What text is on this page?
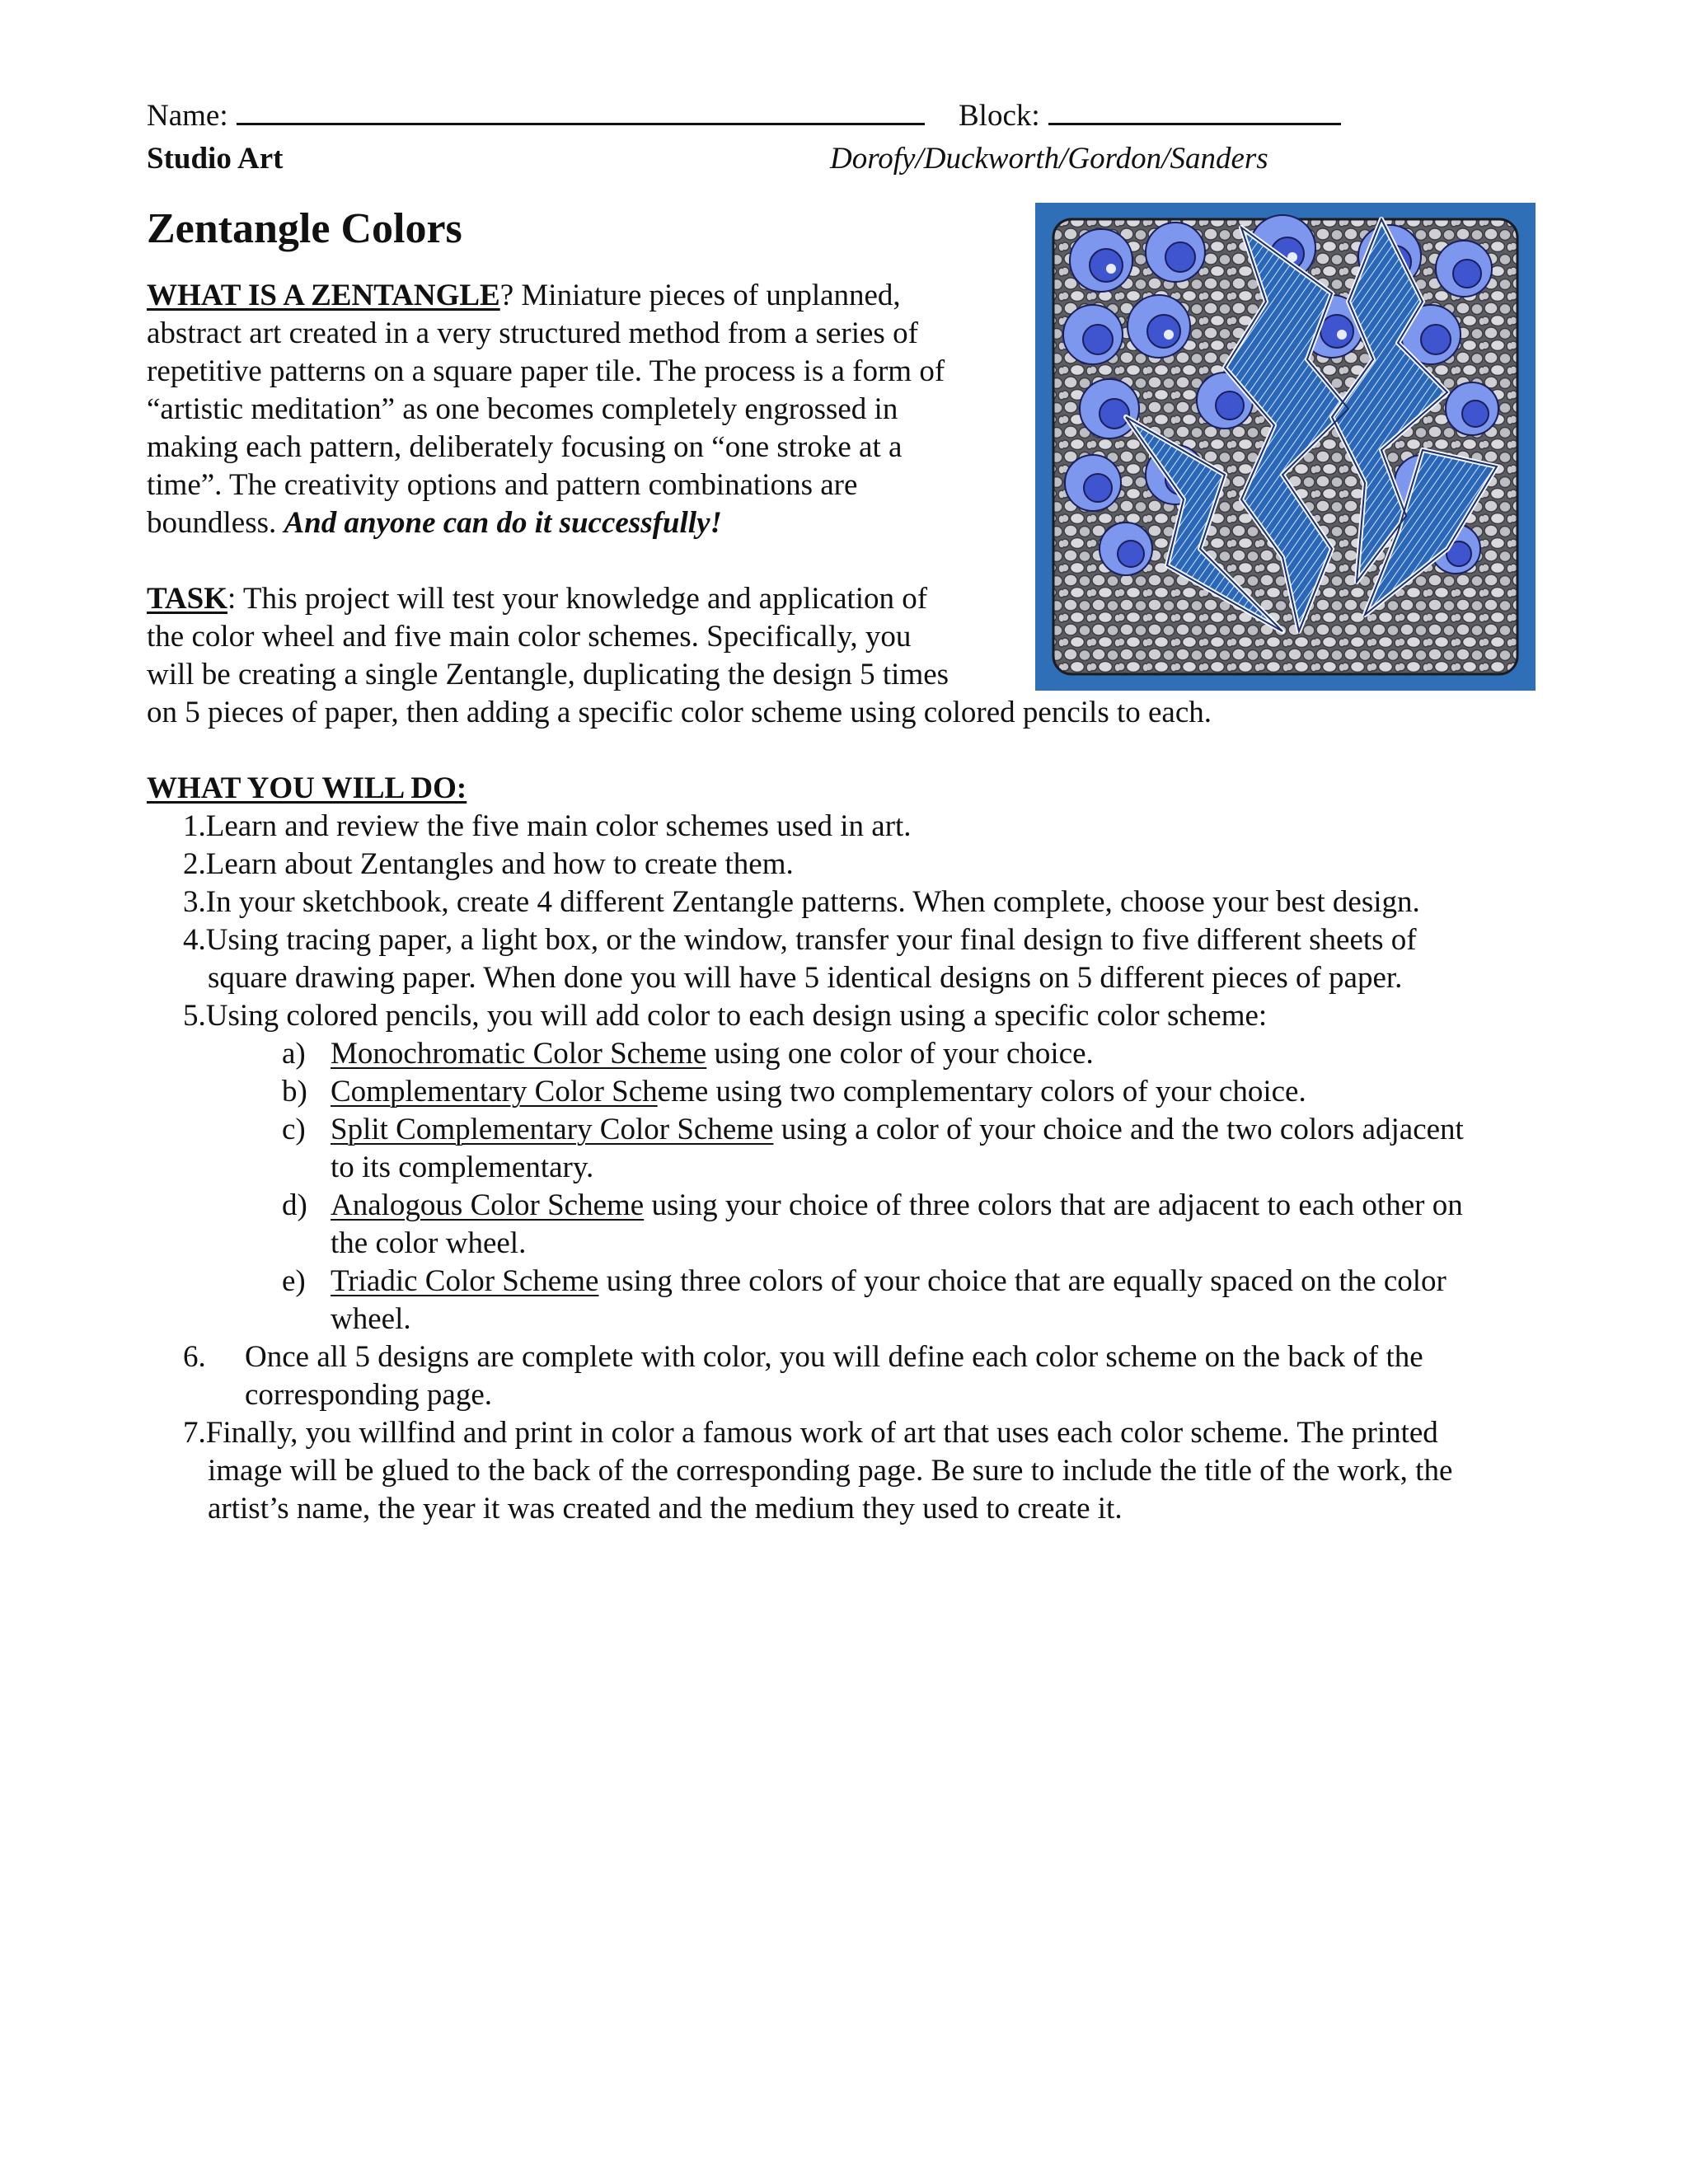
Name:	Block:
Studio Art	Dorofy/Duckworth/Gordon/Sanders
Zentangle Colors
WHAT IS A ZENTANGLE? Miniature pieces of unplanned,
abstract art created in a very structured method from a series of
repetitive patterns on a square paper tile. The process is a form of
“artistic meditation” as one becomes completely engrossed in
making each pattern, deliberately focusing on “one stroke at a
time”. The creativity options and pattern combinations are
boundless. And anyone can do it successfully!
TASK: This project will test your knowledge and application of
the color wheel and five main color schemes. Specifically, you
will be creating a single Zentangle, duplicating the design 5 times
on 5 pieces of paper, then adding a specific color scheme using colored pencils to each.
WHAT YOU WILL DO:
1.Learn and review the five main color schemes used in art.
2.Learn about Zentangles and how to create them.
3.In your sketchbook, create 4 different Zentangle patterns. When complete, choose your best design.
4.Using tracing paper, a light box, or the window, transfer your final design to five different sheets of
square drawing paper. When done you will have 5 identical designs on 5 different pieces of paper.
5.Using colored pencils, you will add color to each design using a specific color scheme:
a) Monochromatic Color Scheme using one color of your choice.
b) Complementary Color Scheme using two complementary colors of your choice.
c) Split Complementary Color Scheme using a color of your choice and the two colors adjacent
to its complementary.
d) Analogous Color Scheme using your choice of three colors that are adjacent to each other on
the color wheel.
e) Triadic Color Scheme using three colors of your choice that are equally spaced on the color
wheel.
6. Once all 5 designs are complete with color, you will define each color scheme on the back of the
corresponding page.
7.Finally, you willfind and print in color a famous work of art that uses each color scheme. The printed
image will be glued to the back of the corresponding page. Be sure to include the title of the work, the
artist’s name, the year it was created and the medium they used to create it.
